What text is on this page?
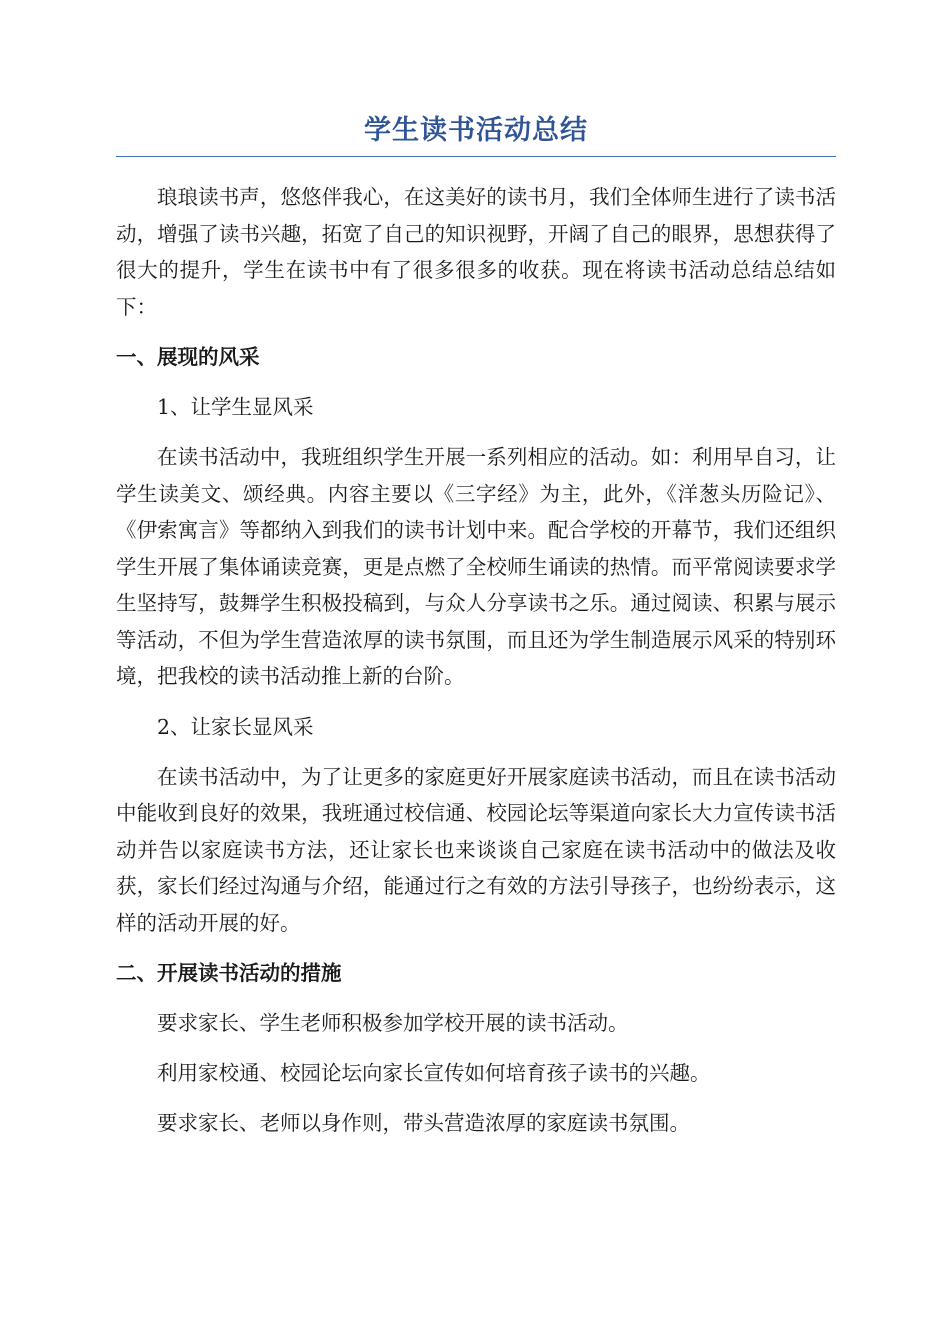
学生读书活动总结

琅琅读书声，悠悠伴我心，在这美好的读书月，我们全体师生进行了读书活动，增强了读书兴趣，拓宽了自己的知识视野，开阔了自己的眼界，思想获得了很大的提升，学生在读书中有了很多很多的收获。现在将读书活动总结总结如下：

一、展现的风采
1、让学生显风采

在读书活动中，我班组织学生开展一系列相应的活动。如：利用早自习，让学生读美文、颂经典。内容主要以《三字经》为主，此外，《洋葱头历险记》、《伊索寓言》等都纳入到我们的读书计划中来。配合学校的开幕节，我们还组织学生开展了集体诵读竞赛，更是点燃了全校师生诵读的热情。而平常阅读要求学生坚持写，鼓舞学生积极投稿到，与众人分享读书之乐。通过阅读、积累与展示等活动，不但为学生营造浓厚的读书氛围，而且还为学生制造展示风采的特别环境，把我校的读书活动推上新的台阶。

2、让家长显风采

在读书活动中，为了让更多的家庭更好开展家庭读书活动，而且在读书活动中能收到良好的效果，我班通过校信通、校园论坛等渠道向家长大力宣传读书活动并告以家庭读书方法，还让家长也来谈谈自己家庭在读书活动中的做法及收获，家长们经过沟通与介绍，能通过行之有效的方法引导孩子，也纷纷表示，这样的活动开展的好。

二、开展读书活动的措施

要求家长、学生老师积极参加学校开展的读书活动。

利用家校通、校园论坛向家长宣传如何培育孩子读书的兴趣。

要求家长、老师以身作则，带头营造浓厚的家庭读书氛围。
